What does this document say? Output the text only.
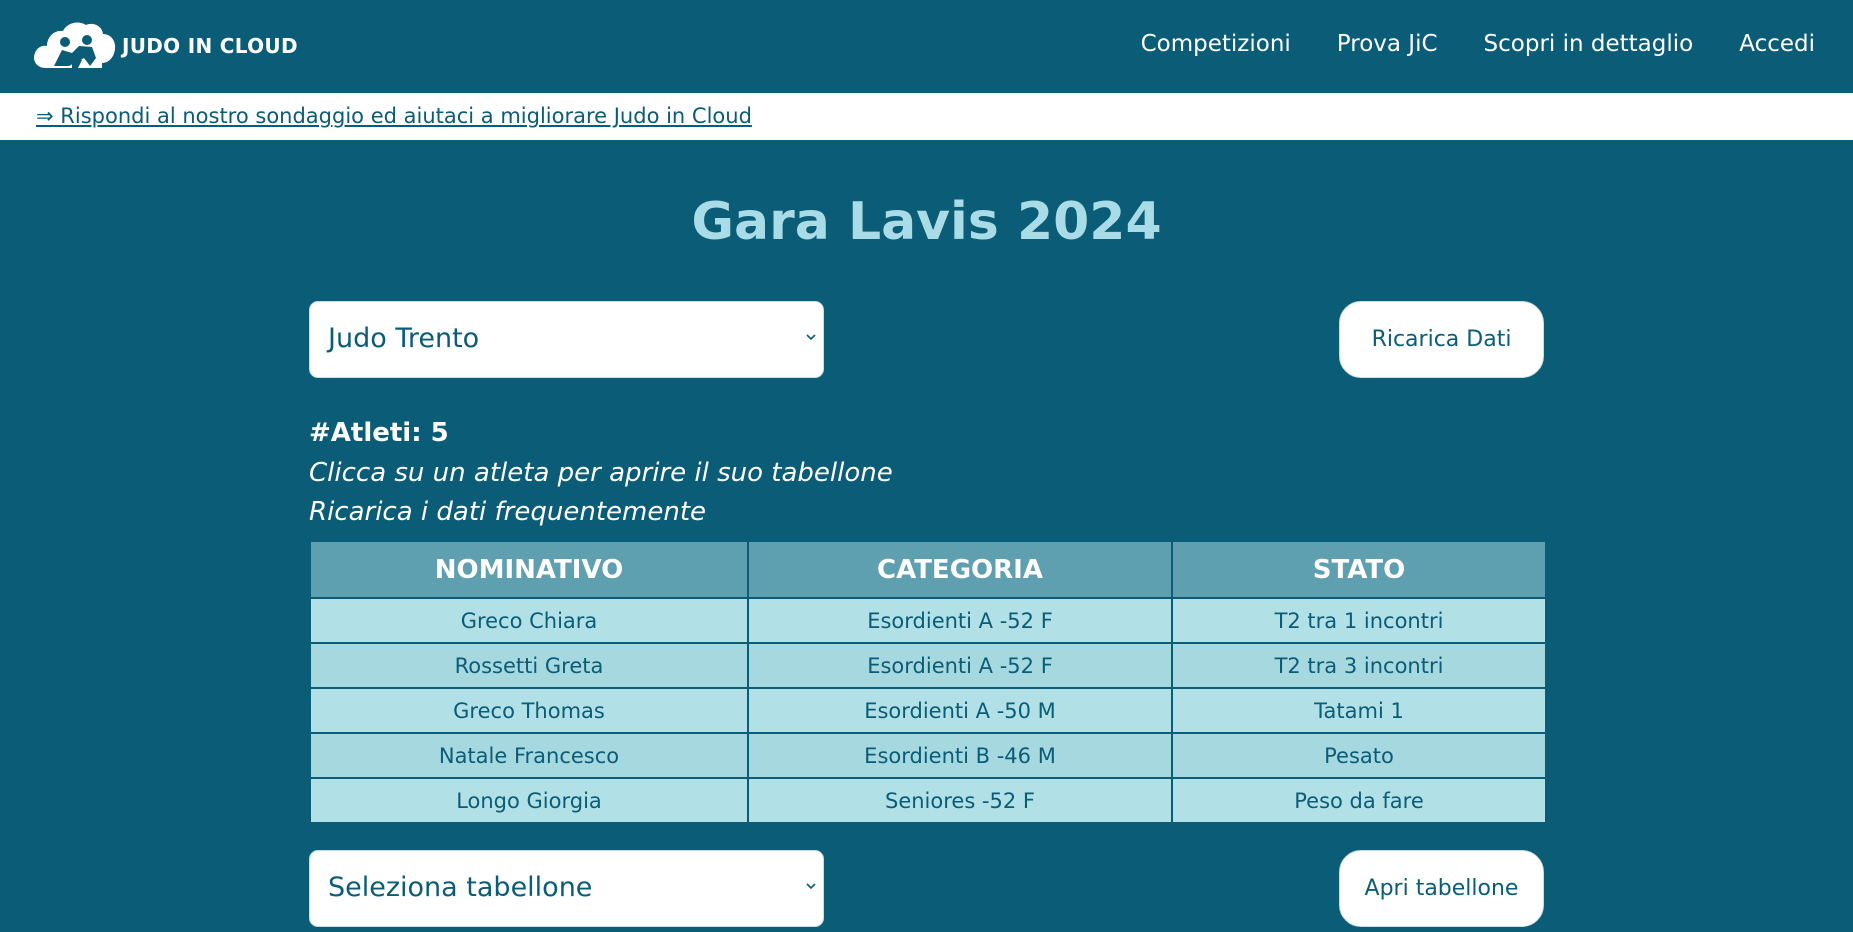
JUDO IN CLOUD	Competizioni Prova JiC Scopri in dettaglio Accedi
⇒ Rispondi al nostro sondaggio ed aiutaci a migliorare Judo in Cloud
Gara Lavis 2024
Judo Trento	Ricarica Dati
#Atleti: 5
Clicca su un atleta per aprire il suo tabellone
Ricarica i dati frequentemente
NOMINATIVO	CATEGORIA	STATO
Greco Chiara	Esordienti A -52 F	T2 tra 1 incontri
Rossetti Greta	Esordienti A -52 F	T2 tra 3 incontri
Greco Thomas	Esordienti A -50 M	Tatami 1
Natale Francesco	Esordienti B -46 M	Pesato
Longo Giorgia	Seniores -52 F	Peso da fare
Seleziona tabellone	Apri tabellone
